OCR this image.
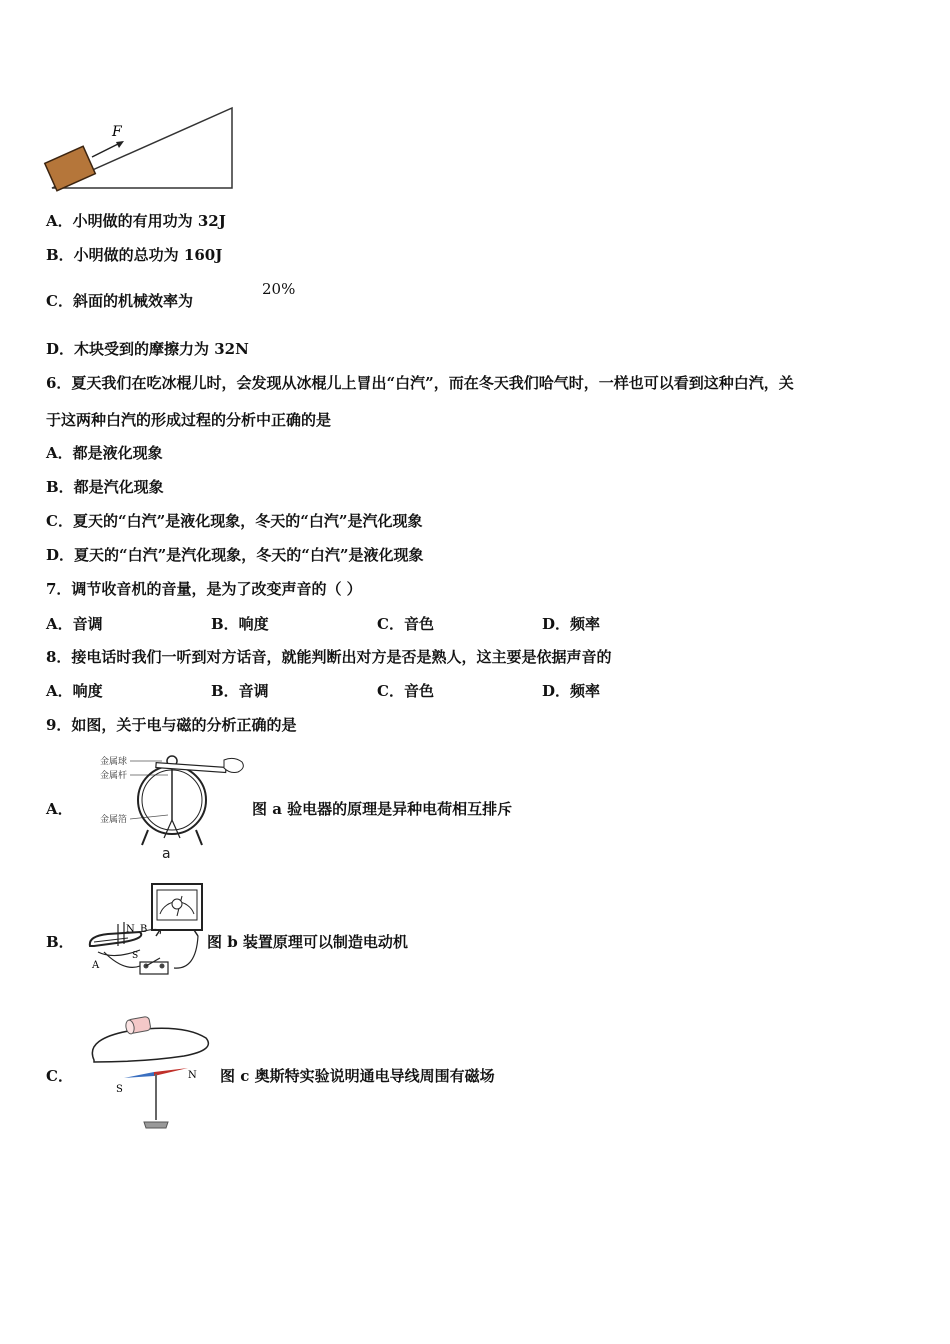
F
A．小明做的有用功为 32J
B．小明做的总功为 160J
C．斜面的机械效率为
20%
D．木块受到的摩擦力为 32N
6．夏天我们在吃冰棍儿时，会发现从冰棍儿上冒出“白汽”，而在冬天我们哈气时，一样也可以看到这种白汽，关
于这两种白汽的形成过程的分析中正确的是
A．都是液化现象
B．都是汽化现象
C．夏天的“白汽”是液化现象，冬天的“白汽”是汽化现象
D．夏天的“白汽”是汽化现象，冬天的“白汽”是液化现象
7．调节收音机的音量，是为了改变声音的（ ）
A．音调	B．响度	C．音色	D．频率
8．接电话时我们一听到对方话音，就能判断出对方是否是熟人，这主要是依据声音的
A．响度	B．音调	C．音色	D．频率
9．如图，关于电与磁的分析正确的是
A．
金属球
金属杆
金属箔
a
图 a 验电器的原理是异种电荷相互排斥
B．
N B
A
S
图 b 装置原理可以制造电动机
C．
S
N 图 c 奥斯特实验说明通电导线周围有磁场
